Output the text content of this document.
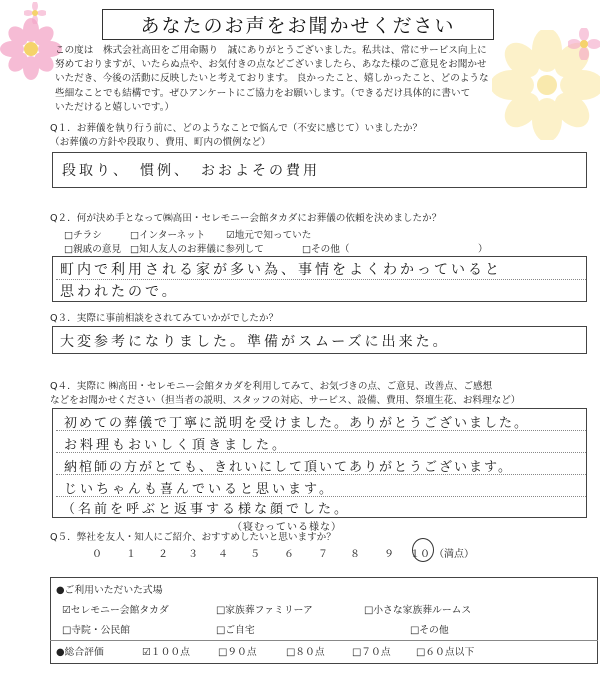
あなたのお声をお聞かせください
この度は　株式会社高田をご用命賜り　誠にありがとうございました。私共は、常にサービス向上に
努めておりますが、いたらぬ点や、お気付きの点などございましたら、あなた様のご意見をお聞かせ
いただき、今後の活動に反映したいと考えております。 良かったこと、嬉しかったこと、どのような
些細なことでも結構です。ぜひアンケートにご協力をお願いします。（できるだけ具体的に書いて
いただけると嬉しいです。）
Q１．お葬儀を執り行う前に、どのようなことで悩んで（不安に感じて）いましたか？
（お葬儀の方針や段取り、費用、町内の慣例など）
段取り、　慣例、　おおよその費用
Q２．何が決め手となって㈱高田・セレモニー会館タカダにお葬儀の依頼を決めましたか？
□チラシ	□インターネット ☑地元で知っていた
□親戚の意見 □知人友人のお葬儀に参列して	□その他（	）
町内で利用される家が多い為、事情をよくわかっていると
思われたので。
Q３．実際に事前相談をされてみていかがでしたか？
大変参考になりました。準備がスムーズに出来た。
Q４．実際に ㈱高田・セレモニー会館タカダを利用してみて、お気づきの点、ご意見、改善点、ご感想
などをお聞かせください（担当者の説明、スタッフの対応、サービス、設備、費用、祭壇生花、お料理など）
初めての葬儀で丁寧に説明を受けました。ありがとうございました。
お料理もおいしく頂きました。
納棺師の方がとても、きれいにして頂いてありがとうございます。
じいちゃんも喜んでいると思います。
（名前を呼ぶと返事する様な顔でした。
（寝むっている様な）
Q５．弊社を友人・知人にご紹介、おすすめしたいと思いますか？
０ １ ２ ３ ４ ５ ６ ７ ８ ９ １０ （満点）
●ご利用いただいた式場
☑セレモニー会館タカダ	□家族葬ファミリーア	□小さな家族葬ルームス
□寺院・公民館	□ご自宅	□その他
●総合評価	☑１００点	□９０点	□８０点	□７０点	□６０点以下
